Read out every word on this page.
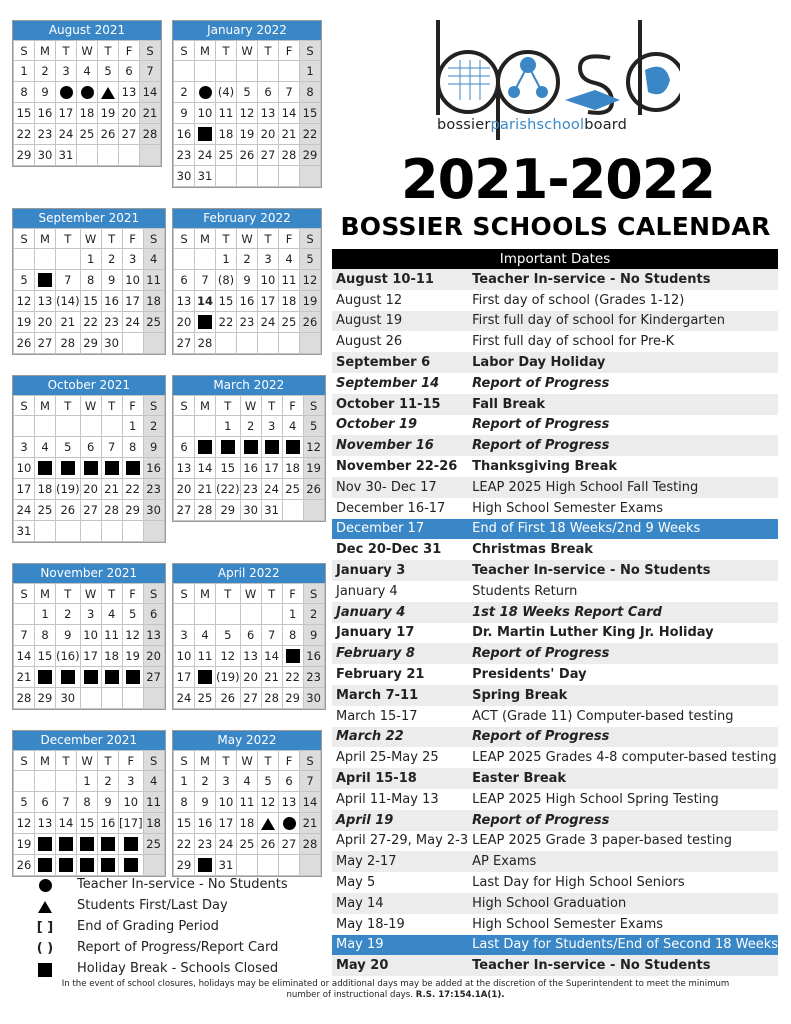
August 2021
S	M	T	W	T	F	S
1	2	3	4	5	6	7
8	9				13	14
15	16	17	18	19	20	21
22	23	24	25	26	27	28
29	30	31				
January 2022
S	M	T	W	T	F	S
						1
2		(4)	5	6	7	8
9	10	11	12	13	14	15
16		18	19	20	21	22
23	24	25	26	27	28	29
30	31					
September 2021
S	M	T	W	T	F	S
			1	2	3	4
5		7	8	9	10	11
12	13	(14)	15	16	17	18
19	20	21	22	23	24	25
26	27	28	29	30		
February 2022
S	M	T	W	T	F	S
		1	2	3	4	5
6	7	(8)	9	10	11	12
13	14	15	16	17	18	19
20		22	23	24	25	26
27	28					
October 2021
S	M	T	W	T	F	S
					1	2
3	4	5	6	7	8	9
10						16
17	18	(19)	20	21	22	23
24	25	26	27	28	29	30
31						
March 2022
S	M	T	W	T	F	S
		1	2	3	4	5
6						12
13	14	15	16	17	18	19
20	21	(22)	23	24	25	26
27	28	29	30	31		
November 2021
S	M	T	W	T	F	S
	1	2	3	4	5	6
7	8	9	10	11	12	13
14	15	(16)	17	18	19	20
21						27
28	29	30				
April 2022
S	M	T	W	T	F	S
					1	2
3	4	5	6	7	8	9
10	11	12	13	14		16
17		(19)	20	21	22	23
24	25	26	27	28	29	30
December 2021
S	M	T	W	T	F	S
			1	2	3	4
5	6	7	8	9	10	11
12	13	14	15	16	[17]	18
19						25
26						
May 2022
S	M	T	W	T	F	S
1	2	3	4	5	6	7
8	9	10	11	12	13	14
15	16	17	18			21
22	23	24	25	26	27	28
29		31				
bossierparishschoolboard
2021-2022
BOSSIER SCHOOLS CALENDAR
Important Dates	
August 10-11	Teacher In-service - No Students
August 12	First day of school (Grades 1-12)
August 19	First full day of school for Kindergarten
August 26	First full day of school for Pre-K
September 6	Labor Day Holiday
September 14	Report of Progress
October 11-15	Fall Break
October 19	Report of Progress
November 16	Report of Progress
November 22-26	Thanksgiving Break
Nov 30- Dec 17	LEAP 2025 High School Fall Testing
December 16-17	High School Semester Exams
December 17	End of First 18 Weeks/2nd 9 Weeks
Dec 20-Dec 31	Christmas Break
January 3	Teacher In-service - No Students
January 4	Students Return
January 4	1st 18 Weeks Report Card
January 17	Dr. Martin Luther King Jr. Holiday
February 8	Report of Progress
February 21	Presidents' Day
March 7-11	Spring Break
March 15-17	ACT (Grade 11) Computer-based testing
March 22	Report of Progress
April 25-May 25	LEAP 2025 Grades 4-8 computer-based testing
April 15-18	Easter Break
April 11-May 13	LEAP 2025 High School Spring Testing
April 19	Report of Progress
April 27-29, May 2-3	LEAP 2025 Grade 3 paper-based testing
May 2-17	AP Exams
May 5	Last Day for High School Seniors
May 14	High School Graduation
May 18-19	High School Semester Exams
May 19	Last Day for Students/End of Second 18 Weeks
May 20	Teacher In-service - No Students
Teacher In-service - No Students
Students First/Last Day
[ ] End of Grading Period
( ) Report of Progress/Report Card
Holiday Break - Schools Closed
In the event of school closures, holidays may be eliminated or additional days may be added at the discretion of the Superintendent to meet the minimum
number of instructional days. R.S. 17:154.1A(1).
